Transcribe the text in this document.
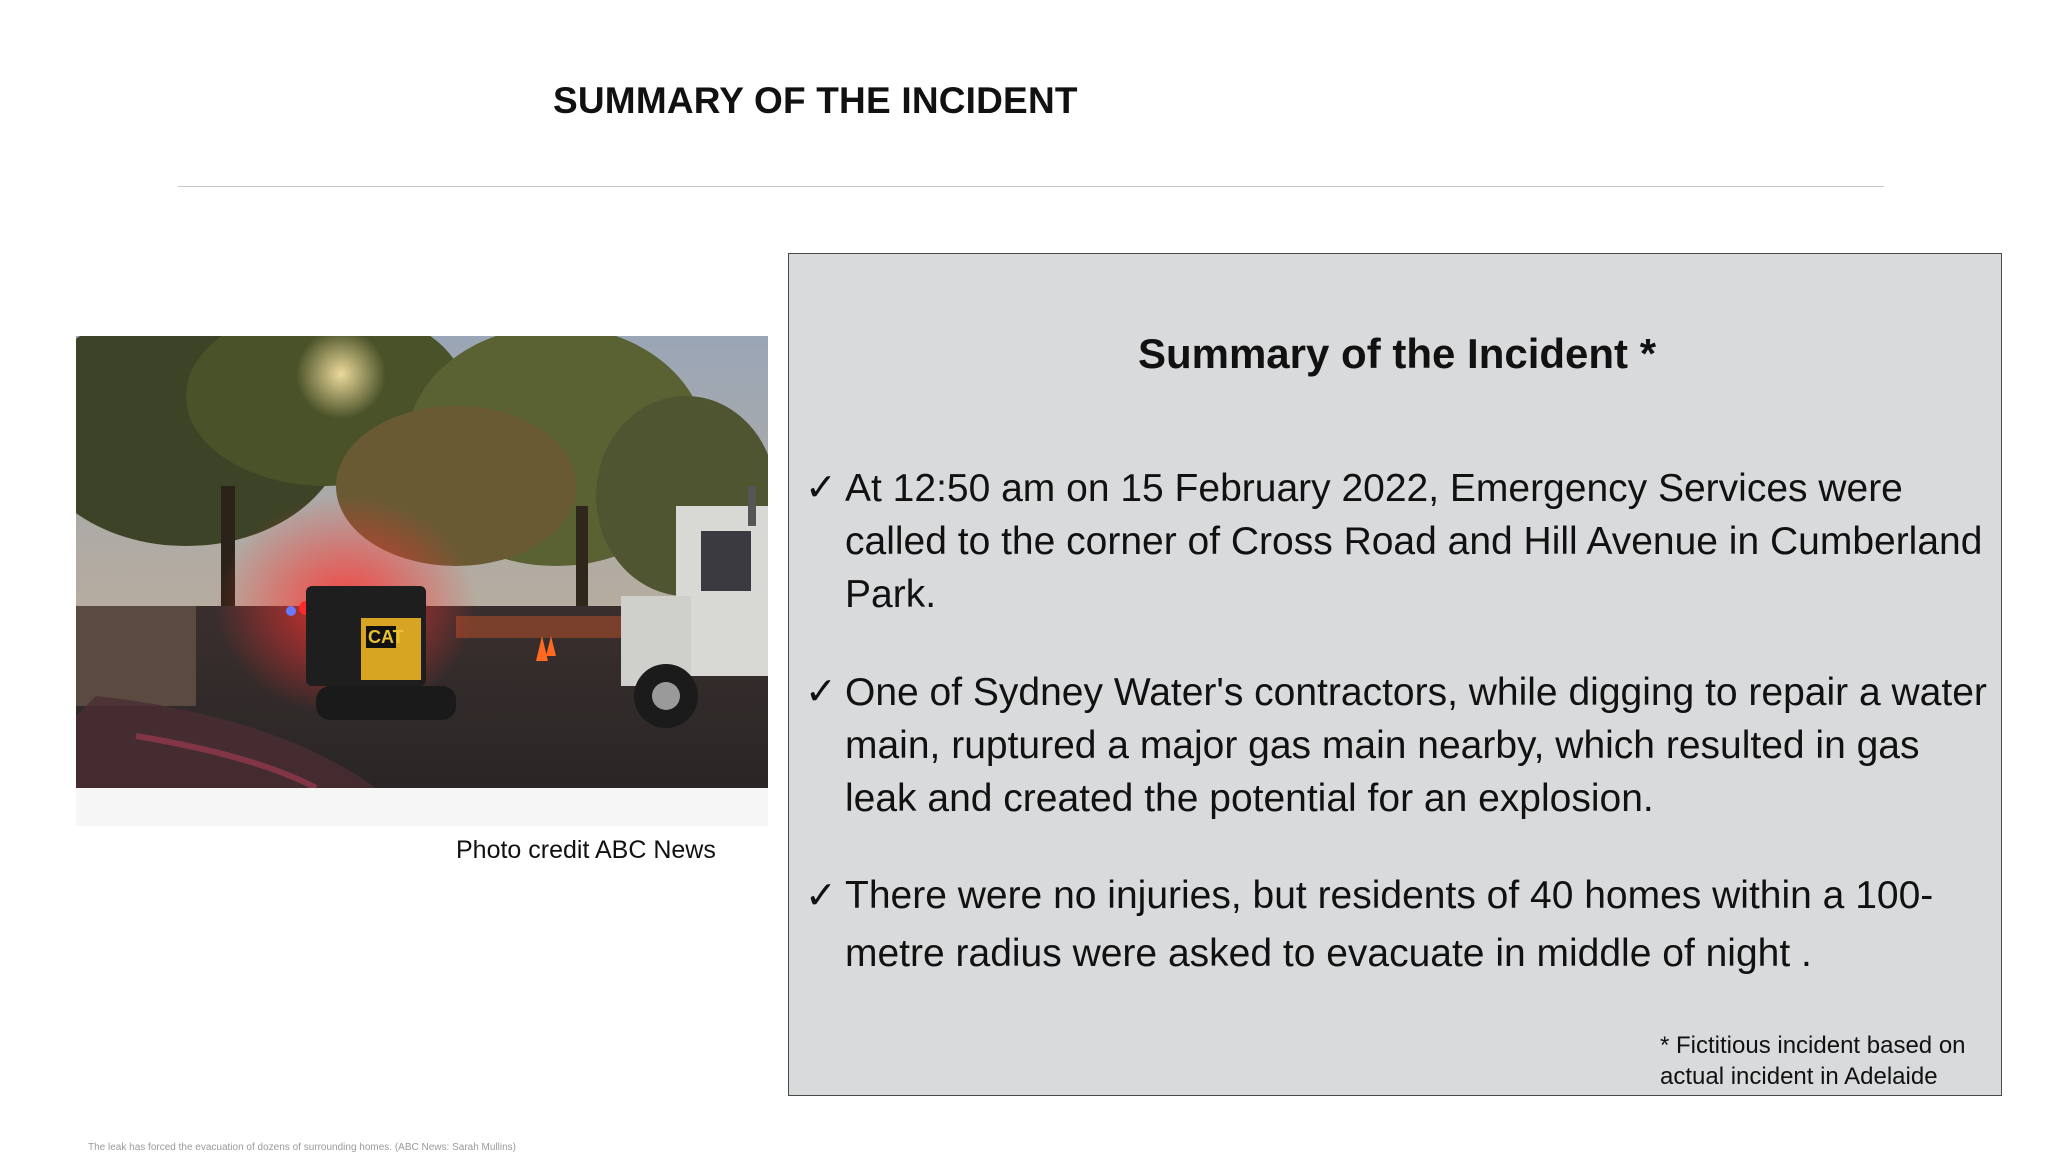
SUMMARY OF THE INCIDENT
CAT

The leak has forced the evacuation of dozens of surrounding homes. (ABC News: Sarah Mullins)

Photo credit ABC News

Summary of the Incident *
✓ At 12:50 am on 15 February 2022, Emergency Services were called to the corner of Cross Road and Hill Avenue in Cumberland Park.
✓ One of Sydney Water's contractors, while digging to repair a water main, ruptured a major gas main nearby, which resulted in gas leak and created the potential for an explosion.
✓ There were no injuries, but residents of 40 homes within a 100-metre radius were asked to evacuate in middle of night .

* Fictitious incident based on
actual incident in Adelaide
